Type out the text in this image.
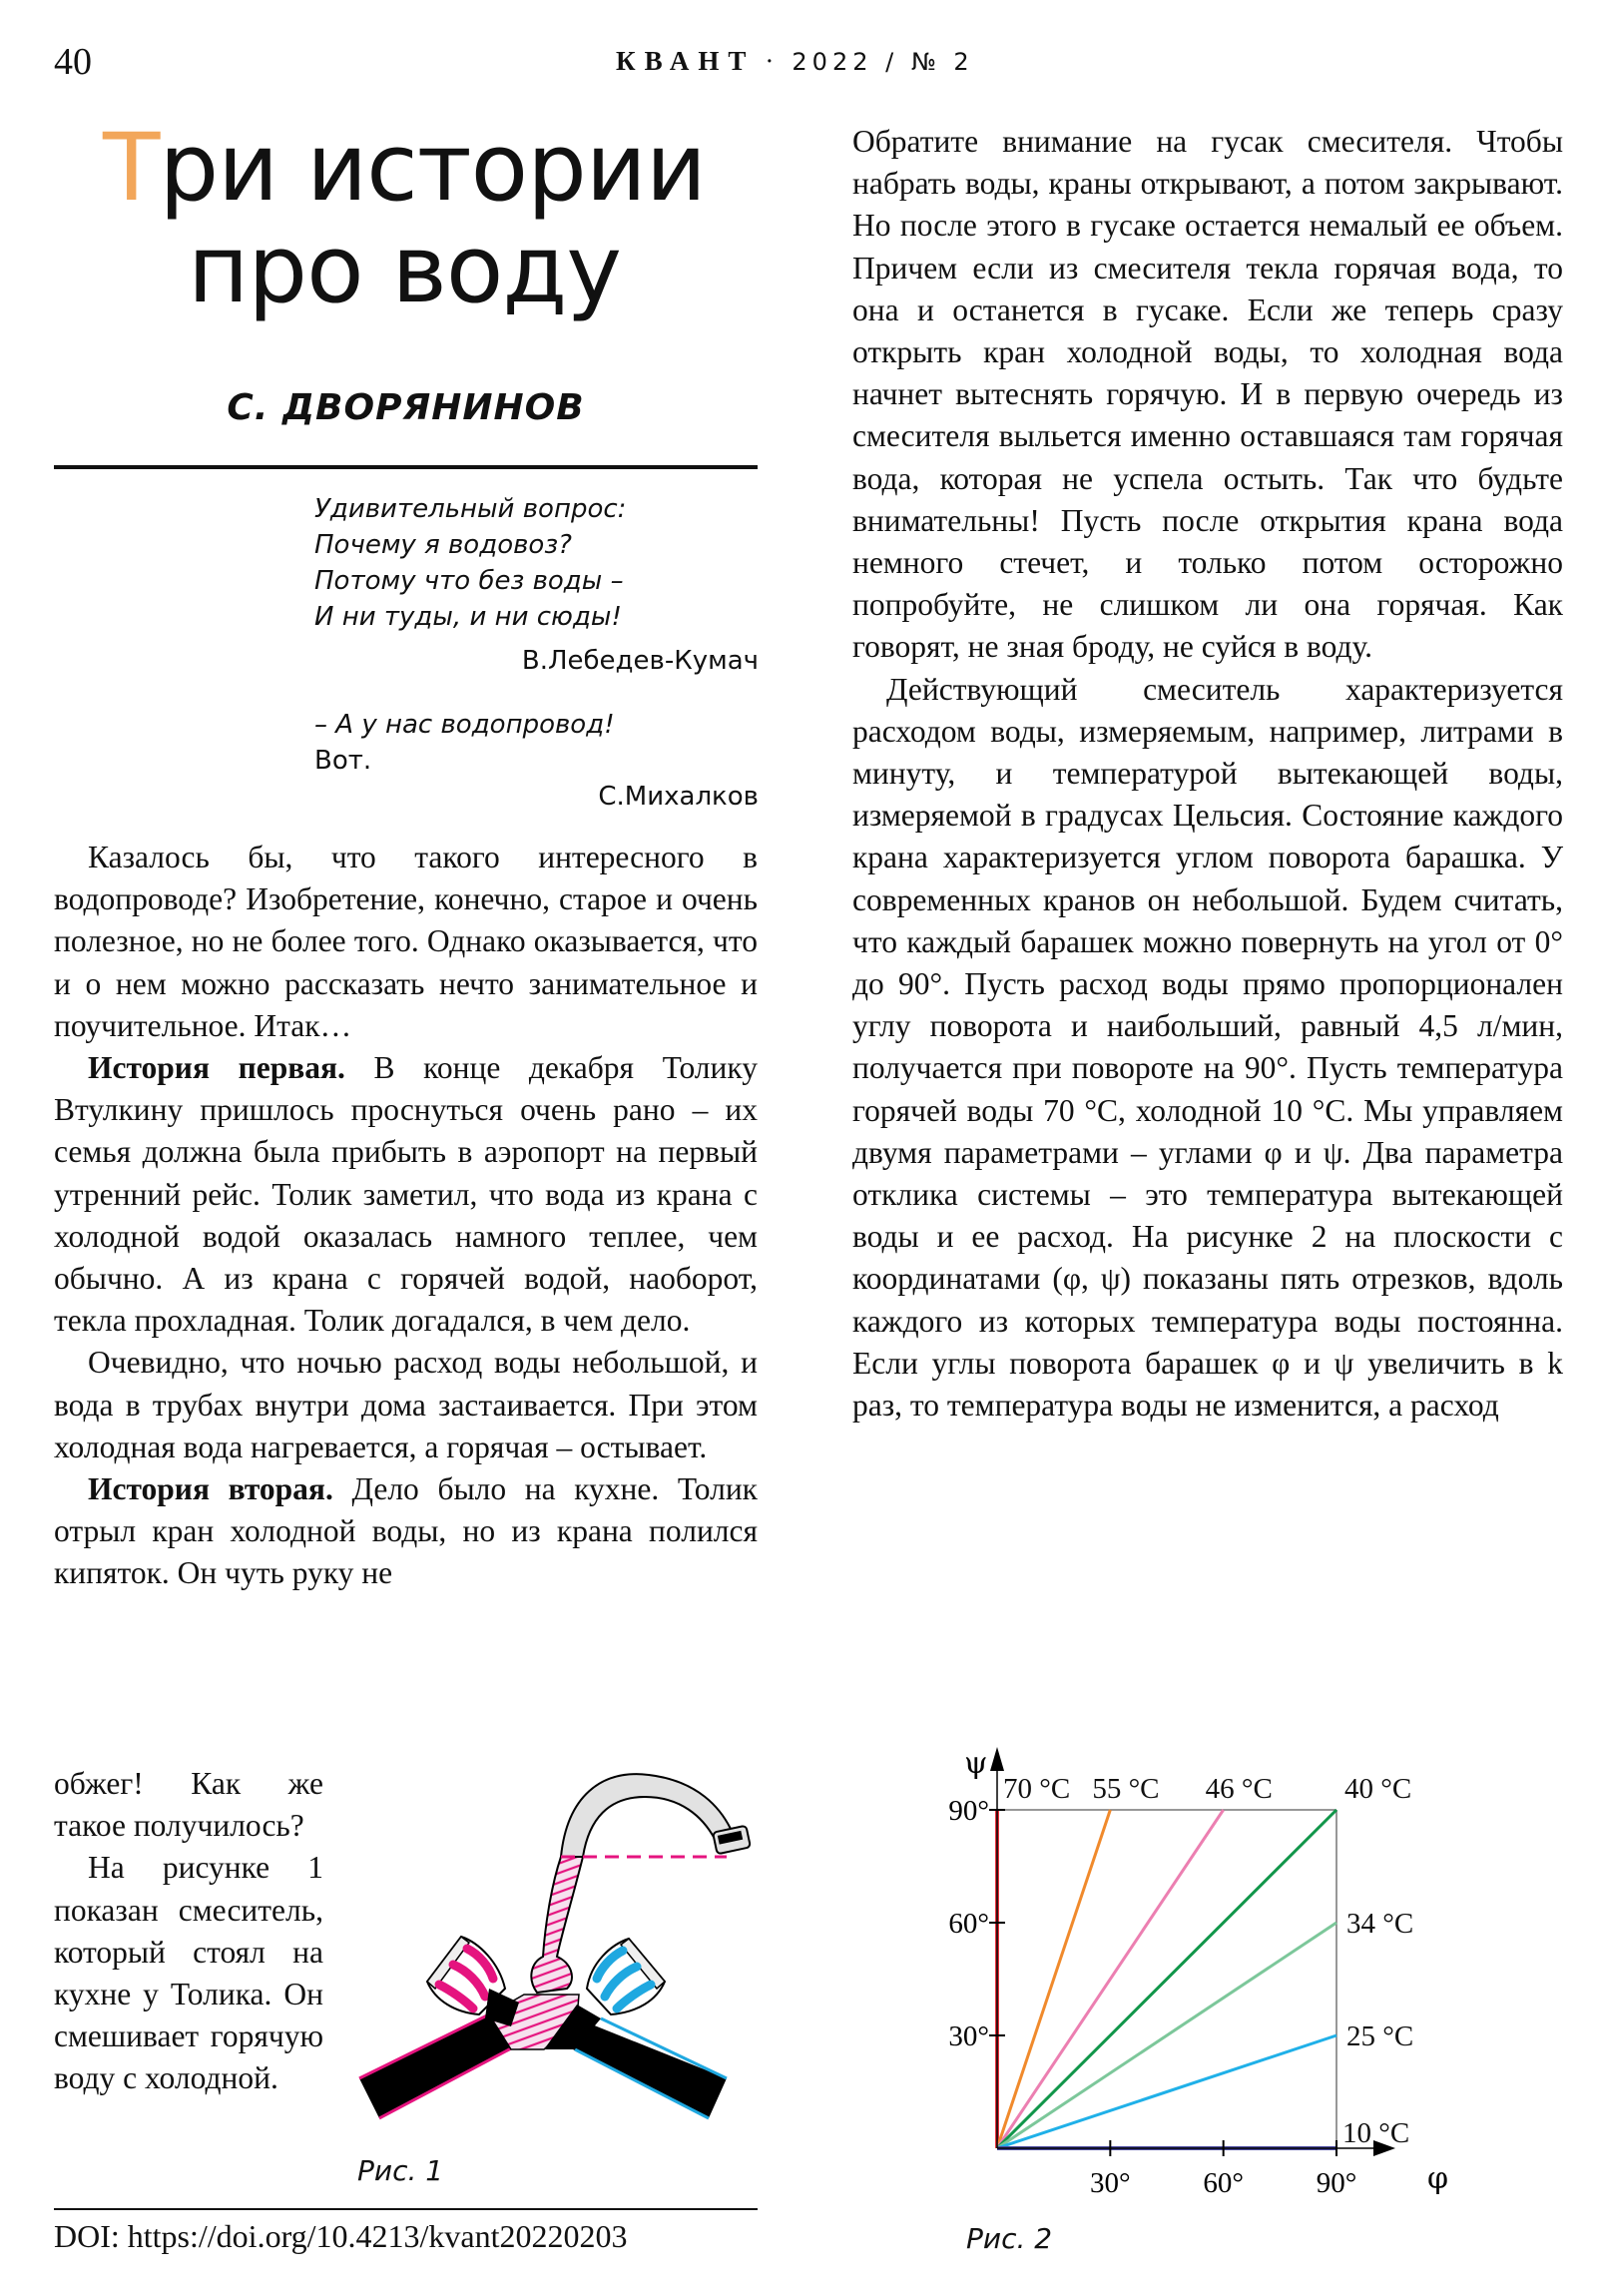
40	КВАНТ · 2022 / № 2
Три истории
про воду
С. ДВОРЯНИНОВ
Удивительный вопрос:
Почему я водовоз?
Потому что без воды –
И ни туды, и ни сюды!
В.Лебедев-Кумач
– А у нас водопровод!
Вот.
С.Михалков

Казалось бы, что такого интересного в водопроводе? Изобретение, конечно, старое и очень полезное, но не более того. Однако оказывается, что и о нем можно рассказать нечто занимательное и поучительное. Итак…

История первая. В конце декабря Толику Втулкину пришлось проснуться очень рано – их семья должна была прибыть в аэропорт на первый утренний рейс. Толик заметил, что вода из крана с холодной водой оказалась намного теплее, чем обычно. А из крана с горячей водой, наоборот, текла прохладная. Толик догадался, в чем дело.

Очевидно, что ночью расход воды небольшой, и вода в трубах внутри дома застаивается. При этом холодная вода нагревается, а горячая – остывает.

История вторая. Дело было на кухне. Толик отрыл кран холодной воды, но из крана полился кипяток. Он чуть руку не

обжег! Как же такое получилось?

На рисунке 1 показан смеситель, который стоял на кухне у Толика. Он смешивает горячую воду с холодной.

Рис. 1
DOI: https://doi.org/10.4213/kvant20220203

Обратите внимание на гусак смесителя. Чтобы набрать воды, краны открывают, а потом закрывают. Но после этого в гусаке остается немалый ее объем. Причем если из смесителя текла горячая вода, то она и останется в гусаке. Если же теперь сразу открыть кран холодной воды, то холодная вода начнет вытеснять горячую. И в первую очередь из смесителя выльется именно оставшаяся там горячая вода, которая не успела остыть. Так что будьте внимательны! Пусть после открытия крана вода немного стечет, и только потом осторожно попробуйте, не слишком ли она горячая. Как говорят, не зная броду, не суйся в воду.

Действующий смеситель характеризуется расходом воды, измеряемым, например, литрами в минуту, и температурой вытекающей воды, измеряемой в градусах Цельсия. Состояние каждого крана характеризуется углом поворота барашка. У современных кранов он небольшой. Будем считать, что каждый барашек можно повернуть на угол от 0° до 90°. Пусть расход воды прямо пропорционален углу поворота и наибольший, равный 4,5 л/мин, получается при повороте на 90°. Пусть температура горячей воды 70 °С, холодной 10 °С. Мы управляем двумя параметрами – углами φ и ψ. Два параметра отклика системы – это температура вытекающей воды и ее расход. На рисунке 2 на плоскости с координатами (φ, ψ) показаны пять отрезков, вдоль каждого из которых температура воды постоянна. Если углы поворота барашек φ и ψ увеличить в k раз, то температура воды не изменится, а расход

30°
30°
60°
60°
90°
90°
φ
ψ
70 °C 55 °C 46 °C 40 °C
34 °C
25 °C
10 °C
Рис. 2
